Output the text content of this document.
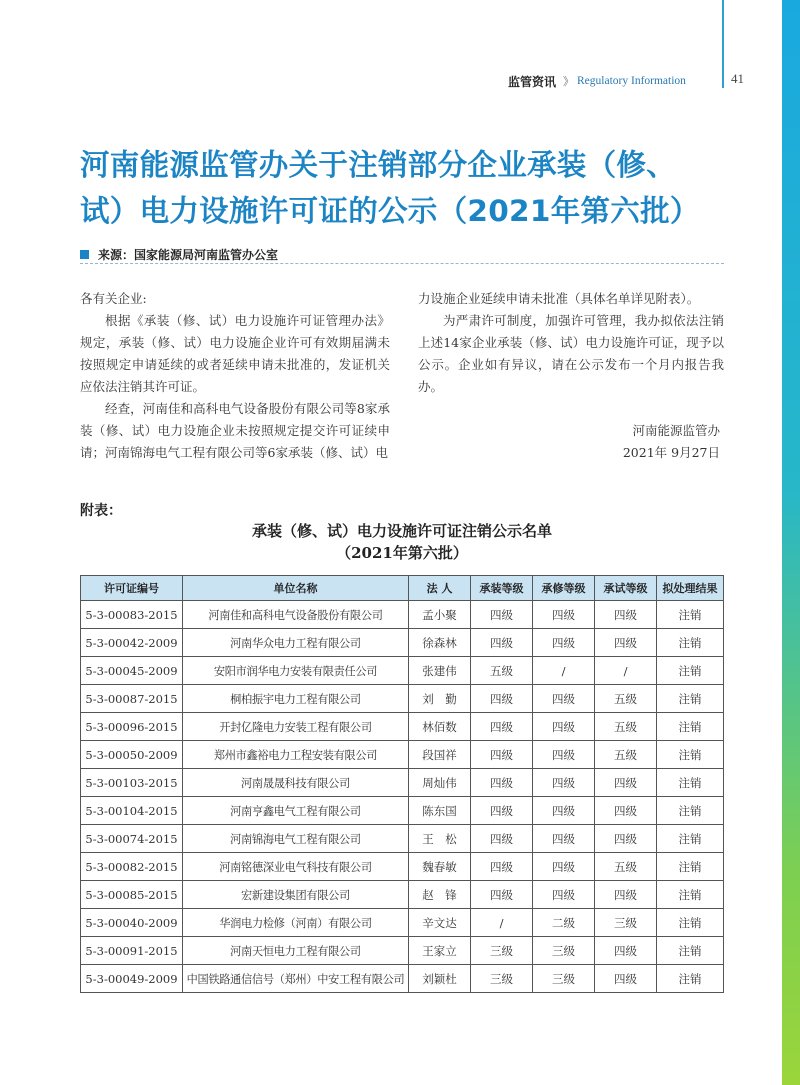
监管资讯 》 Regulatory Information	41
河南能源监管办关于注销部分企业承装（修、
试）电力设施许可证的公示（2021年第六批）
来源：国家能源局河南监管办公室

各有关企业:

根据《承装（修、试）电力设施许可证管理办法》规定，承装（修、试）电力设施企业许可有效期届满未按照规定申请延续的或者延续申请未批准的，发证机关应依法注销其许可证。

经查，河南佳和高科电气设备股份有限公司等8家承装（修、试）电力设施企业未按照规定提交许可证续申请；河南锦海电气工程有限公司等6家承装（修、试）电

力设施企业延续申请未批准（具体名单详见附表）。

为严肃许可制度，加强许可管理，我办拟依法注销上述14家企业承装（修、试）电力设施许可证，现予以公示。企业如有异议，请在公示发布一个月内报告我办。

河南能源监管办

2021年 9月27日

附表：
承装（修、试）电力设施许可证注销公示名单
（2021年第六批）
许可证编号	单位名称	法 人	承装等级	承修等级	承试等级	拟处理结果
5-3-00083-2015	河南佳和高科电气设备股份有限公司	孟小聚	四级	四级	四级	注销
5-3-00042-2009	河南华众电力工程有限公司	徐森林	四级	四级	四级	注销
5-3-00045-2009	安阳市润华电力安装有限责任公司	张建伟	五级	/	/	注销
5-3-00087-2015	桐柏振宇电力工程有限公司	刘　勤	四级	四级	五级	注销
5-3-00096-2015	开封亿隆电力安装工程有限公司	林佰数	四级	四级	五级	注销
5-3-00050-2009	郑州市鑫裕电力工程安装有限公司	段国祥	四级	四级	五级	注销
5-3-00103-2015	河南晟晟科技有限公司	周灿伟	四级	四级	四级	注销
5-3-00104-2015	河南亨鑫电气工程有限公司	陈东国	四级	四级	四级	注销
5-3-00074-2015	河南锦海电气工程有限公司	王　松	四级	四级	四级	注销
5-3-00082-2015	河南铭德深业电气科技有限公司	魏春敏	四级	四级	五级	注销
5-3-00085-2015	宏新建设集团有限公司	赵　锋	四级	四级	四级	注销
5-3-00040-2009	华润电力检修（河南）有限公司	辛文达	/	二级	三级	注销
5-3-00091-2015	河南天恒电力工程有限公司	王家立	三级	三级	四级	注销
5-3-00049-2009	中国铁路通信信号（郑州）中安工程有限公司	刘颖杜	三级	三级	四级	注销
